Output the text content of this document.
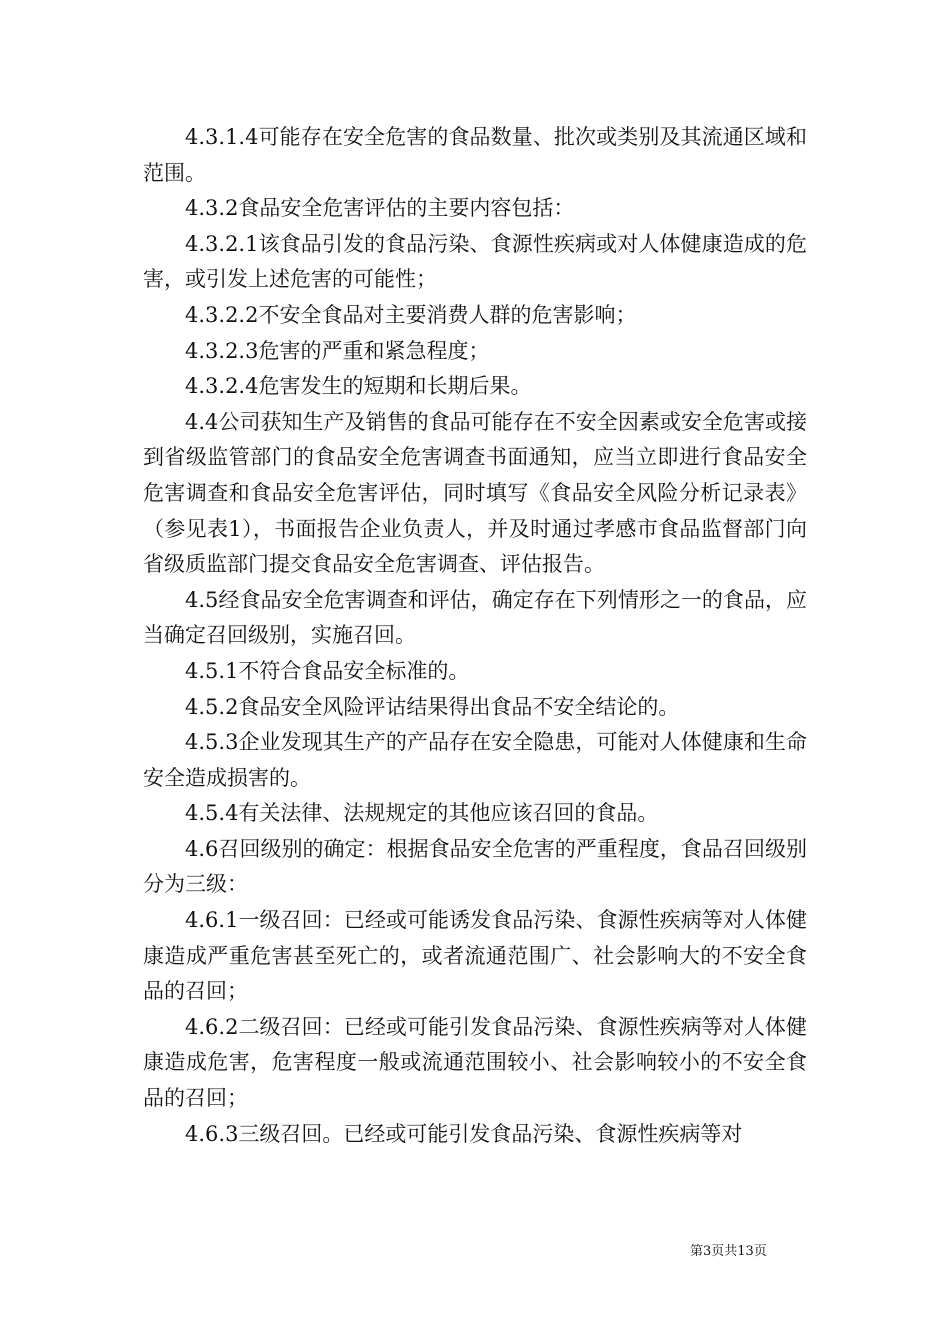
4.3.1.4可能存在安全危害的食品数量、批次或类别及其流通区域和范围。

4.3.2食品安全危害评估的主要内容包括：

4.3.2.1该食品引发的食品污染、食源性疾病或对人体健康造成的危害，或引发上述危害的可能性；

4.3.2.2不安全食品对主要消费人群的危害影响；

4.3.2.3危害的严重和紧急程度；

4.3.2.4危害发生的短期和长期后果。

4.4公司获知生产及销售的食品可能存在不安全因素或安全危害或接到省级监管部门的食品安全危害调查书面通知，应当立即进行食品安全危害调查和食品安全危害评估，同时填写《食品安全风险分析记录表》（参见表1），书面报告企业负责人，并及时通过孝感市食品监督部门向省级质监部门提交食品安全危害调查、评估报告。

4.5经食品安全危害调查和评估，确定存在下列情形之一的食品，应当确定召回级别，实施召回。

4.5.1不符合食品安全标准的。

4.5.2食品安全风险评诂结果得出食品不安全结论的。

4.5.3企业发现其生产的产品存在安全隐患，可能对人体健康和生命安全造成损害的。

4.5.4有关法律、法规规定的其他应该召回的食品。

4.6召回级别的确定：根据食品安全危害的严重程度，食品召回级别分为三级：

4.6.1一级召回：已经或可能诱发食品污染、食源性疾病等对人体健康造成严重危害甚至死亡的，或者流通范围广、社会影响大的不安全食品的召回；

4.6.2二级召回：已经或可能引发食品污染、食源性疾病等对人体健康造成危害，危害程度一般或流通范围较小、社会影响较小的不安全食品的召回；

4.6.3三级召回。已经或可能引发食品污染、食源性疾病等对

第3页共13页
